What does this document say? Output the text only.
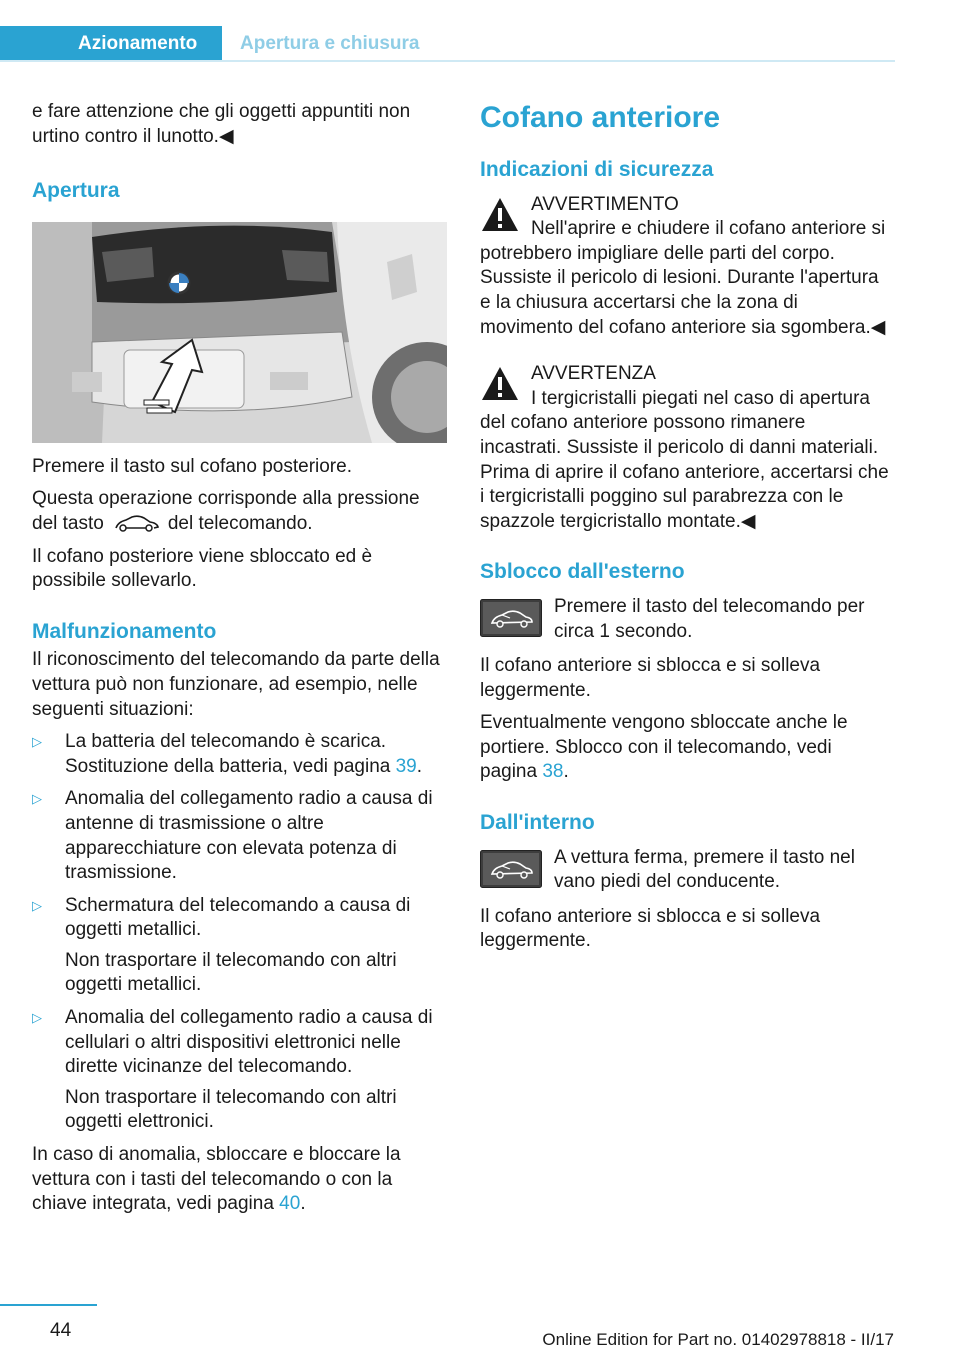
Azionamento	Apertura e chiusura

e fare attenzione che gli oggetti appuntiti non urtino contro il lunotto.◀

Apertura

Premere il tasto sul cofano posteriore.

Questa operazione corrisponde alla pressione del tasto	del telecomando.

Il cofano posteriore viene sbloccato ed è possibile sollevarlo.

Malfunzionamento

Il riconoscimento del telecomando da parte della vettura può non funzionare, ad esempio, nelle seguenti situazioni:

▷ La batteria del telecomando è scarica. Sostituzione della batteria, vedi pagina 39.
▷ Anomalia del collegamento radio a causa di antenne di trasmissione o altre apparecchiature con elevata potenza di trasmissione.
▷ Schermatura del telecomando a causa di oggetti metallici.
Non trasportare il telecomando con altri oggetti metallici.
▷ Anomalia del collegamento radio a causa di cellulari o altri dispositivi elettronici nelle dirette vicinanze del telecomando.
Non trasportare il telecomando con altri oggetti elettronici.

In caso di anomalia, sbloccare e bloccare la vettura con i tasti del telecomando o con la chiave integrata, vedi pagina 40.

Cofano anteriore
Indicazioni di sicurezza
AVVERTIMENTO
Nell'aprire e chiudere il cofano anteriore si potrebbero impigliare delle parti del corpo. Sussiste il pericolo di lesioni. Durante l'apertura e la chiusura accertarsi che la zona di movimento del cofano anteriore sia sgombera.◀
AVVERTENZA
I tergicristalli piegati nel caso di apertura del cofano anteriore possono rimanere incastrati. Sussiste il pericolo di danni materiali. Prima di aprire il cofano anteriore, accertarsi che i tergicristalli poggino sul parabrezza con le spazzole tergicristallo montate.◀
Sblocco dall'esterno
Premere il tasto del telecomando per circa 1 secondo.

Il cofano anteriore si sblocca e si solleva leggermente.

Eventualmente vengono sbloccate anche le portiere. Sblocco con il telecomando, vedi pagina 38.

Dall'interno
A vettura ferma, premere il tasto nel vano piedi del conducente.

Il cofano anteriore si sblocca e si solleva leggermente.

44	Online Edition for Part no. 01402978818 - II/17
